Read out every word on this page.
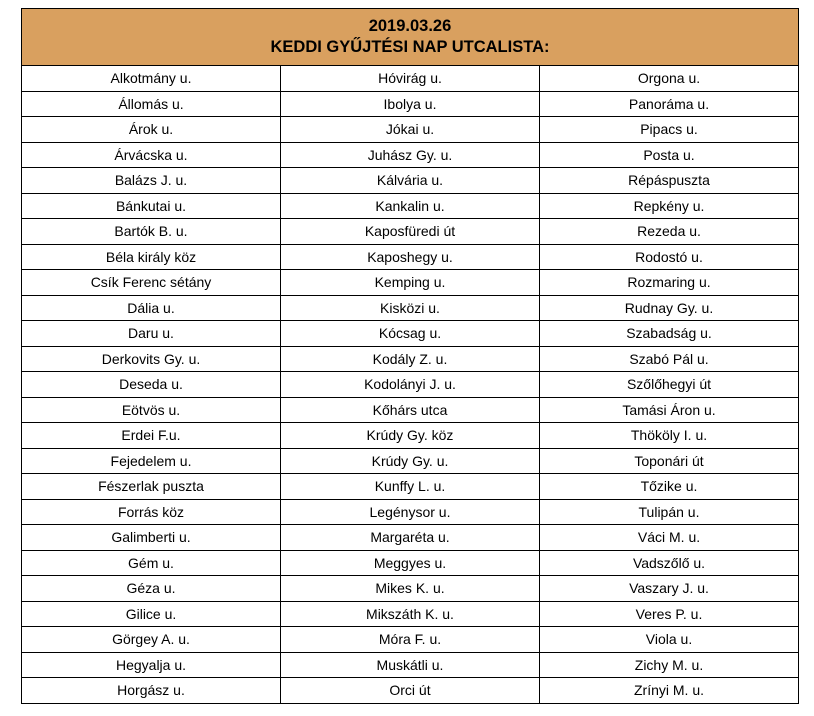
2019.03.26
KEDDI GYŰJTÉSI NAP UTCALISTA:		

Alkotmány u.	Hóvirág u.	Orgona u.
Állomás u.	Ibolya u.	Panoráma u.
Árok u.	Jókai u.	Pipacs u.
Árvácska u.	Juhász Gy. u.	Posta u.
Balázs J. u.	Kálvária u.	Répáspuszta
Bánkutai u.	Kankalin u.	Repkény u.
Bartók B. u.	Kaposfüredi út	Rezeda u.
Béla király köz	Kaposhegy u.	Rodostó u.
Csík Ferenc sétány	Kemping u.	Rozmaring u.
Dália u.	Kisközi u.	Rudnay Gy. u.
Daru u.	Kócsag u.	Szabadság u.
Derkovits Gy. u.	Kodály Z. u.	Szabó Pál u.
Deseda u.	Kodolányi J. u.	Szőlőhegyi út
Eötvös u.	Kőhárs utca	Tamási Áron u.
Erdei F.u.	Krúdy Gy. köz	Thököly I. u.
Fejedelem u.	Krúdy Gy. u.	Toponári út
Fészerlak puszta	Kunffy L. u.	Tőzike u.
Forrás köz	Legénysor u.	Tulipán u.
Galimberti u.	Margaréta u.	Váci M. u.
Gém u.	Meggyes u.	Vadszőlő u.
Géza u.	Mikes K. u.	Vaszary J. u.
Gilice u.	Mikszáth K. u.	Veres P. u.
Görgey A. u.	Móra F. u.	Viola u.
Hegyalja u.	Muskátli u.	Zichy M. u.
Horgász u.	Orci út	Zrínyi M. u.
